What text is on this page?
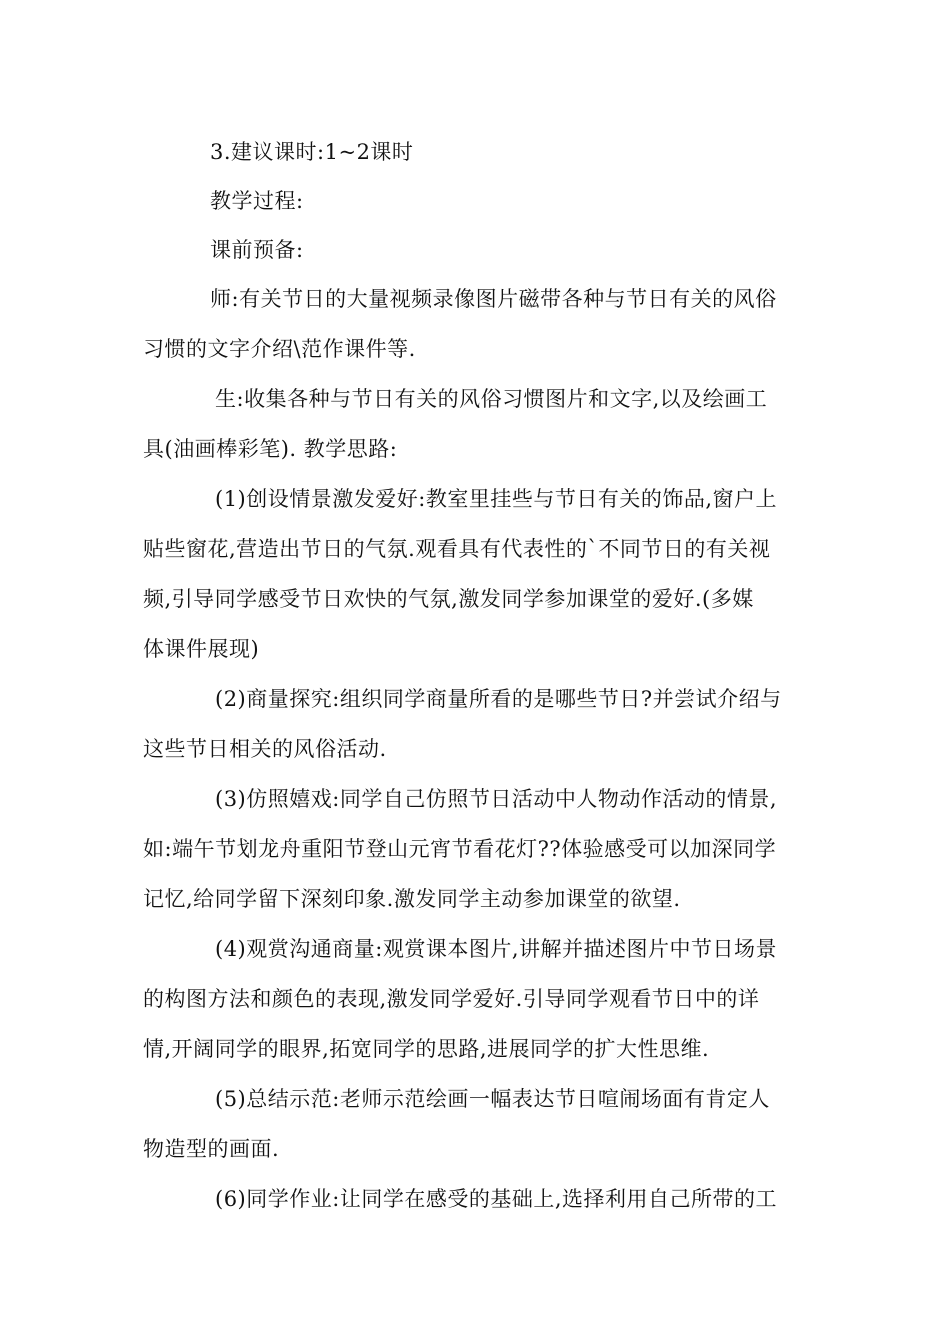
3.建议课时:1~2课时
教学过程:
课前预备:
师:有关节日的大量视频录像图片磁带各种与节日有关的风俗
习惯的文字介绍\范作课件等.
生:收集各种与节日有关的风俗习惯图片和文字,以及绘画工
具(油画棒彩笔). 教学思路:
(1)创设情景激发爱好:教室里挂些与节日有关的饰品,窗户上
贴些窗花,营造出节日的气氛.观看具有代表性的`不同节日的有关视
频,引导同学感受节日欢快的气氛,激发同学参加课堂的爱好.(多媒
体课件展现)
(2)商量探究:组织同学商量所看的是哪些节日?并尝试介绍与
这些节日相关的风俗活动.
(3)仿照嬉戏:同学自己仿照节日活动中人物动作活动的情景,
如:端午节划龙舟重阳节登山元宵节看花灯??体验感受可以加深同学
记忆,给同学留下深刻印象.激发同学主动参加课堂的欲望.
(4)观赏沟通商量:观赏课本图片,讲解并描述图片中节日场景
的构图方法和颜色的表现,激发同学爱好.引导同学观看节日中的详
情,开阔同学的眼界,拓宽同学的思路,进展同学的扩大性思维.
(5)总结示范:老师示范绘画一幅表达节日喧闹场面有肯定人
物造型的画面.
(6)同学作业:让同学在感受的基础上,选择利用自己所带的工
